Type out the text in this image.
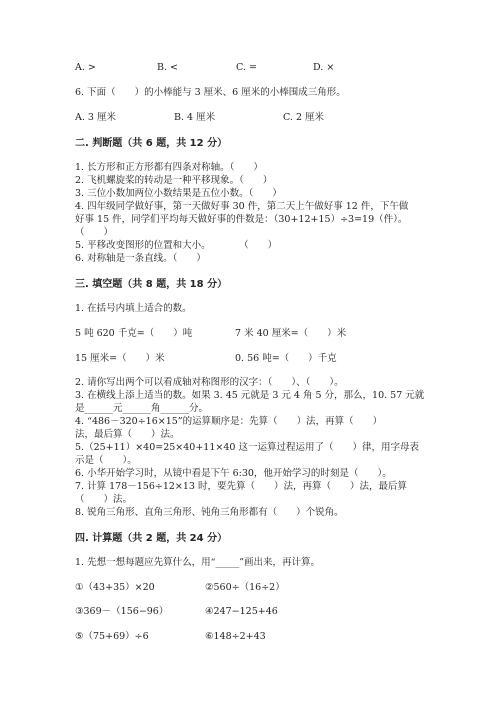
A. >	B. <	C. =	D. ×
6. 下面（　　）的小棒能与 3 厘米、6 厘米的小棒围成三角形。
A. 3 厘米	B. 4 厘米	C. 2 厘米
二. 判断题（共 6 题，共 12 分）
1. 长方形和正方形都有四条对称轴。（　　）
2. 飞机螺旋桨的转动是一种平移现象。（　　）
3. 三位小数加两位小数结果是五位小数。（　　）
4. 四年级同学做好事，第一天做好事 30 件，第二天上午做好事 12 件，下午做
好事 15 件，同学们平均每天做好事的件数是：（30+12+15）÷3=19（件）。
（　　）
5. 平移改变图形的位置和大小。　　　　（　　）
6. 对称轴是一条直线。（　　）
三. 填空题（共 8 题，共 18 分）
1. 在括号内填上适合的数。
5 吨 620 千克=（　　）吨	7 米 40 厘米=（　　）米
15 厘米=（　　）米	0. 56 吨=（　　）千克
2. 请你写出两个可以看成轴对称图形的汉字：（　　）、（　　）。
3. 在横线上添上适当的数。如果 3. 45 元就是 3 元 4 角 5 分，那么，10. 57 元就
是______元______角______分。
4. “486－320÷16×15”的运算顺序是：先算（　　）法，再算（　　）
法，最后算（　　）法。
5.（25+11）×40=25×40+11×40 这一运算过程运用了（　　）律，用字母表
示是（　　）。
6. 小华开始学习时，从镜中看是下午 6:30，他开始学习的时刻是（　　）。
7. 计算 178－156÷12×13 时，要先算（　　）法，再算（　　）法，最后算
（　　）法。
8. 锐角三角形、直角三角形、钝角三角形都有（　　）个锐角。
四. 计算题（共 2 题，共 24 分）
1. 先想一想每题应先算什么，用“_____”画出来，再计算。
①（43+35）×20	②560÷（16÷2）
③369－（156−96）	④247−125+46
⑤（75+69）÷6	⑥148÷2+43
